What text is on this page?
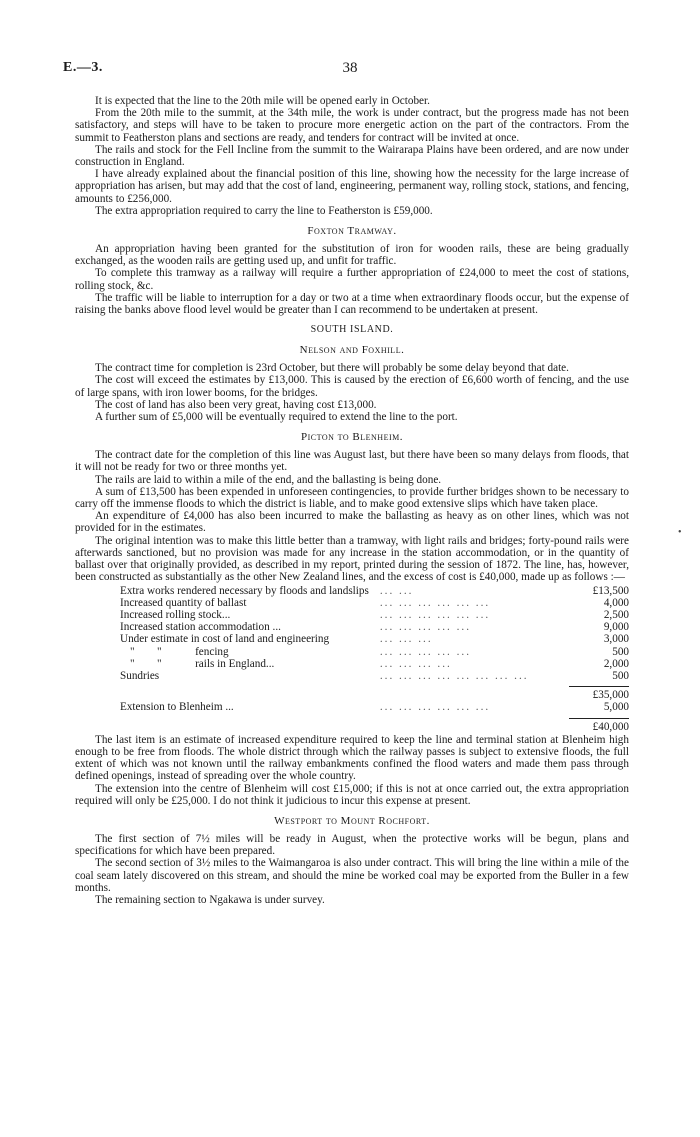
38
E.—3.

It is expected that the line to the 20th mile will be opened early in October.

From the 20th mile to the summit, at the 34th mile, the work is under contract, but the progress made has not been satisfactory, and steps will have to be taken to procure more energetic action on the part of the contractors. From the summit to Featherston plans and sections are ready, and tenders for contract will be invited at once.

The rails and stock for the Fell Incline from the summit to the Wairarapa Plains have been ordered, and are now under construction in England.

I have already explained about the financial position of this line, showing how the necessity for the large increase of appropriation has arisen, but may add that the cost of land, engineering, permanent way, rolling stock, stations, and fencing, amounts to £256,000.

The extra appropriation required to carry the line to Featherston is £59,000.

Foxton Tramway.

An appropriation having been granted for the substitution of iron for wooden rails, these are being gradually exchanged, as the wooden rails are getting used up, and unfit for traffic.

To complete this tramway as a railway will require a further appropriation of £24,000 to meet the cost of stations, rolling stock, &c.

The traffic will be liable to interruption for a day or two at a time when extraordinary floods occur, but the expense of raising the banks above flood level would be greater than I can recommend to be undertaken at present.

SOUTH ISLAND.
Nelson and Foxhill.

The contract time for completion is 23rd October, but there will probably be some delay beyond that date.

The cost will exceed the estimates by £13,000. This is caused by the erection of £6,600 worth of fencing, and the use of large spans, with iron lower booms, for the bridges.

The cost of land has also been very great, having cost £13,000.

A further sum of £5,000 will be eventually required to extend the line to the port.

Picton to Blenheim.

The contract date for the completion of this line was August last, but there have been so many delays from floods, that it will not be ready for two or three months yet.

The rails are laid to within a mile of the end, and the ballasting is being done.

A sum of £13,500 has been expended in unforeseen contingencies, to provide further bridges shown to be necessary to carry off the immense floods to which the district is liable, and to make good extensive slips which have taken place.

An expenditure of £4,000 has also been incurred to make the ballasting as heavy as on other lines, which was not provided for in the estimates.

The original intention was to make this little better than a tramway, with light rails and bridges; forty-pound rails were afterwards sanctioned, but no provision was made for any increase in the station accommodation, or in the quantity of ballast over that originally provided, as described in my report, printed during the session of 1872. The line, has, however, been constructed as substantially as the other New Zealand lines, and the excess of cost is £40,000, made up as follows :—

Extra works rendered necessary by floods and landslips	... ...	£13,500
Increased quantity of ballast	... ... ... ... ... ...	4,000
Increased rolling stock...	... ... ... ... ... ...	2,500
Increased station accommodation ...	... ... ... ... ...	9,000
Under estimate in cost of land and engineering	... ... ...	3,000
"        "            fencing	... ... ... ... ...	500
"        "            rails in England...	... ... ... ...	2,000
Sundries	... ... ... ... ... ... ... ...	500

		£35,000
Extension to Blenheim ...	... ... ... ... ... ...	5,000

		£40,000

The last item is an estimate of increased expenditure required to keep the line and terminal station at Blenheim high enough to be free from floods. The whole district through which the railway passes is subject to extensive floods, the full extent of which was not known until the railway embankments confined the flood waters and made them pass through defined openings, instead of spreading over the whole country.

The extension into the centre of Blenheim will cost £15,000; if this is not at once carried out, the extra appropriation required will only be £25,000. I do not think it judicious to incur this expense at present.

Westport to Mount Rochfort.

The first section of 7½ miles will be ready in August, when the protective works will be begun, plans and specifications for which have been prepared.

The second section of 3½ miles to the Waimangaroa is also under contract. This will bring the line within a mile of the coal seam lately discovered on this stream, and should the mine be worked coal may be exported from the Buller in a few months.

The remaining section to Ngakawa is under survey.

•
